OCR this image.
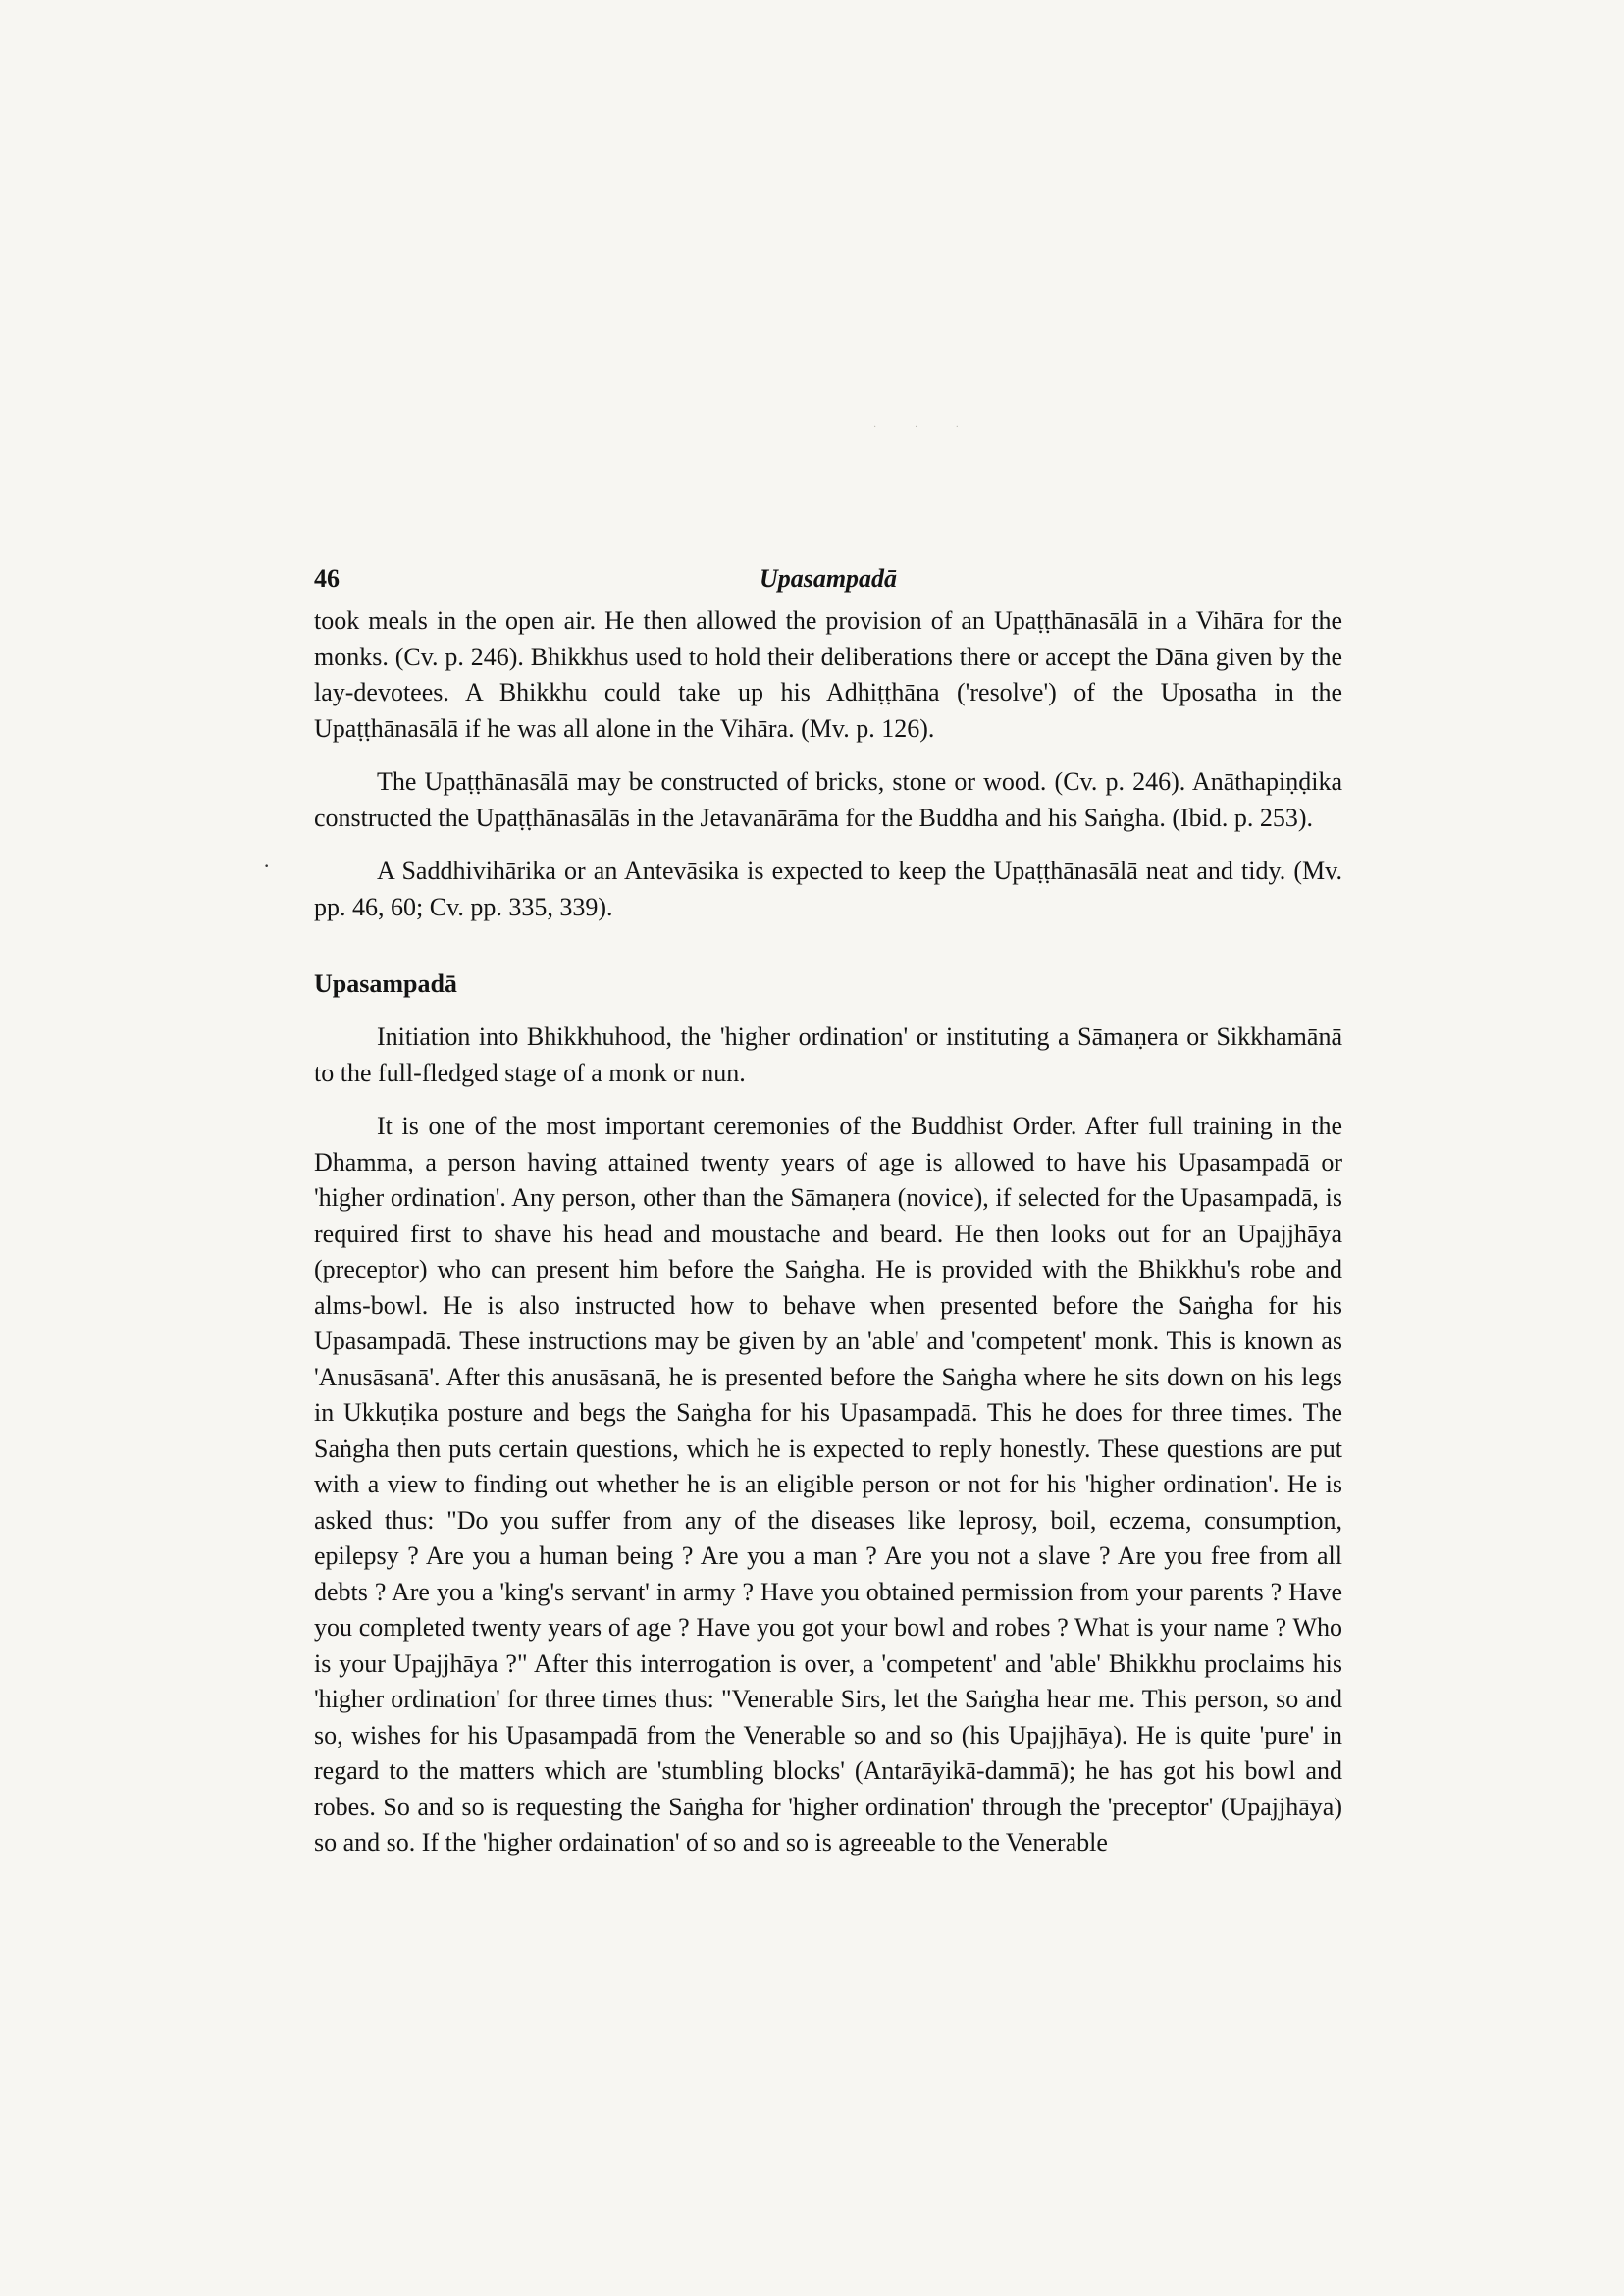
· · ·
46	Upasampadā

took meals in the open air. He then allowed the provision of an Upaṭṭhānasālā in a Vihāra for the monks. (Cv. p. 246). Bhikkhus used to hold their deliberations there or accept the Dāna given by the lay-devotees. A Bhikkhu could take up his Adhiṭṭhāna ('resolve') of the Uposatha in the Upaṭṭhānasālā if he was all alone in the Vihāra. (Mv. p. 126).

The Upaṭṭhānasālā may be constructed of bricks, stone or wood. (Cv. p. 246). Anāthapiṇḍika constructed the Upaṭṭhānasālās in the Jetavanārāma for the Buddha and his Saṅgha. (Ibid. p. 253).

·	A Saddhivihārika or an Antevāsika is expected to keep the Upaṭṭhānasālā neat and tidy. (Mv. pp. 46, 60; Cv. pp. 335, 339).

Upasampadā

Initiation into Bhikkhuhood, the 'higher ordination' or instituting a Sāmaṇera or Sikkhamānā to the full-fledged stage of a monk or nun.

It is one of the most important ceremonies of the Buddhist Order. After full training in the Dhamma, a person having attained twenty years of age is allowed to have his Upasampadā or 'higher ordination'. Any person, other than the Sāmaṇera (novice), if selected for the Upasampadā, is required first to shave his head and moustache and beard. He then looks out for an Upajjhāya (preceptor) who can present him before the Saṅgha. He is provided with the Bhikkhu's robe and alms-bowl. He is also instructed how to behave when presented before the Saṅgha for his Upasampadā. These instructions may be given by an 'able' and 'competent' monk. This is known as 'Anusāsanā'. After this anusāsanā, he is presented before the Saṅgha where he sits down on his legs in Ukkuṭika posture and begs the Saṅgha for his Upasampadā. This he does for three times. The Saṅgha then puts certain questions, which he is expected to reply honestly. These questions are put with a view to finding out whether he is an eligible person or not for his 'higher ordination'. He is asked thus: "Do you suffer from any of the diseases like leprosy, boil, eczema, consumption, epilepsy ? Are you a human being ? Are you a man ? Are you not a slave ? Are you free from all debts ? Are you a 'king's servant' in army ? Have you obtained permission from your parents ? Have you completed twenty years of age ? Have you got your bowl and robes ? What is your name ? Who is your Upajjhāya ?" After this interrogation is over, a 'competent' and 'able' Bhikkhu proclaims his 'higher ordination' for three times thus: "Venerable Sirs, let the Saṅgha hear me. This person, so and so, wishes for his Upasampadā from the Venerable so and so (his Upajjhāya). He is quite 'pure' in regard to the matters which are 'stumbling blocks' (Antarāyikā-dammā); he has got his bowl and robes. So and so is requesting the Saṅgha for 'higher ordination' through the 'preceptor' (Upajjhāya) so and so. If the 'higher ordaination' of so and so is agreeable to the Venerable
